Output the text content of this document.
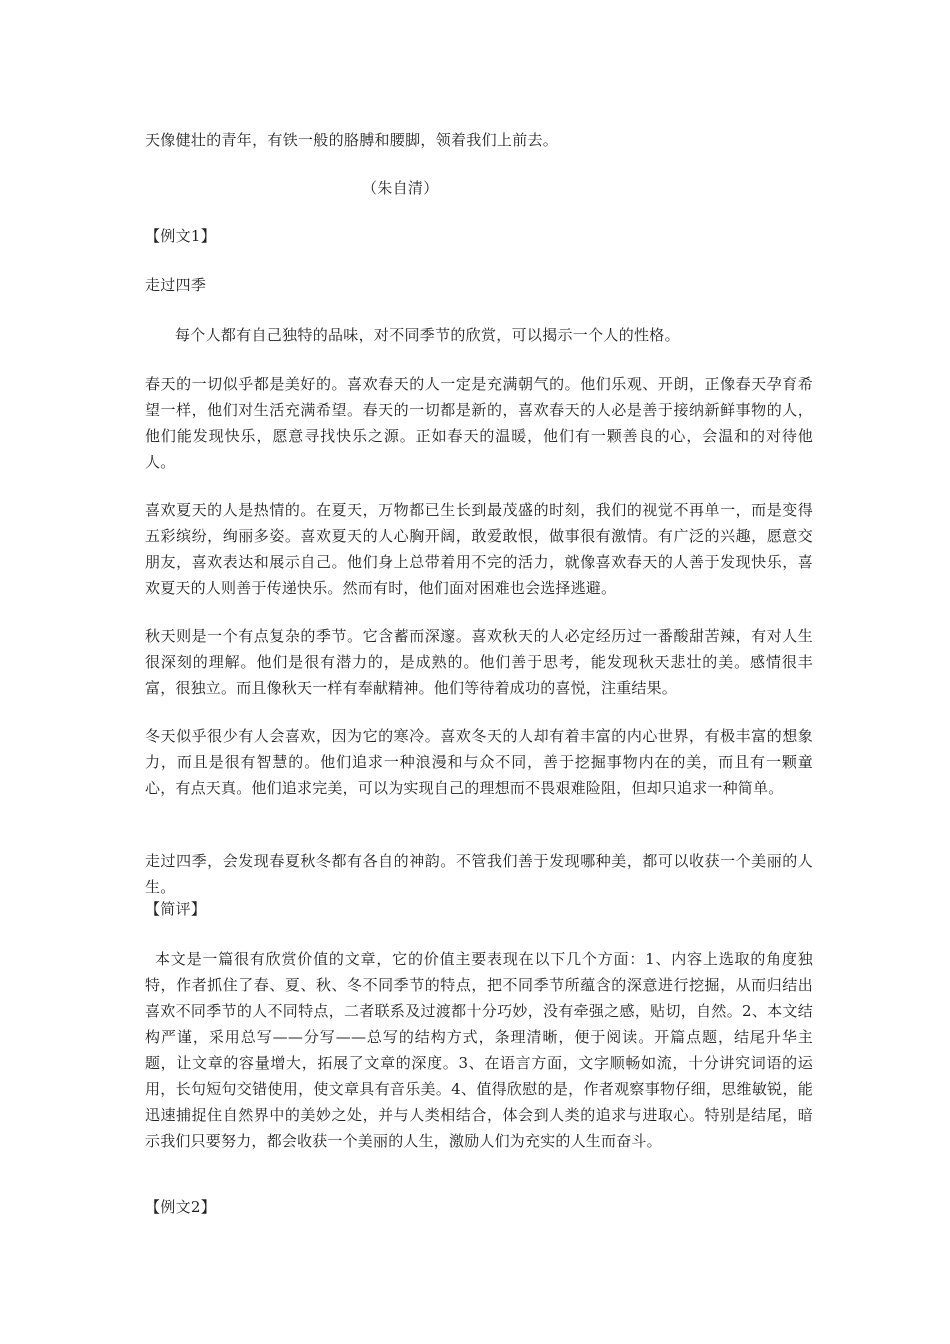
天像健壮的青年，有铁一般的胳膊和腰脚，领着我们上前去。
（朱自清）
【例文1】
走过四季
每个人都有自己独特的品味，对不同季节的欣赏，可以揭示一个人的性格。
春天的一切似乎都是美好的。喜欢春天的人一定是充满朝气的。他们乐观、开朗，正像春天孕育希望一样，他们对生活充满希望。春天的一切都是新的，喜欢春天的人必是善于接纳新鲜事物的人，他们能发现快乐，愿意寻找快乐之源。正如春天的温暖，他们有一颗善良的心，会温和的对待他人。
喜欢夏天的人是热情的。在夏天，万物都已生长到最茂盛的时刻，我们的视觉不再单一，而是变得五彩缤纷，绚丽多姿。喜欢夏天的人心胸开阔，敢爱敢恨，做事很有激情。有广泛的兴趣，愿意交朋友，喜欢表达和展示自己。他们身上总带着用不完的活力，就像喜欢春天的人善于发现快乐，喜欢夏天的人则善于传递快乐。然而有时，他们面对困难也会选择逃避。
秋天则是一个有点复杂的季节。它含蓄而深邃。喜欢秋天的人必定经历过一番酸甜苦辣，有对人生很深刻的理解。他们是很有潜力的，是成熟的。他们善于思考，能发现秋天悲壮的美。感情很丰富，很独立。而且像秋天一样有奉献精神。他们等待着成功的喜悦，注重结果。
冬天似乎很少有人会喜欢，因为它的寒冷。喜欢冬天的人却有着丰富的内心世界，有极丰富的想象力，而且是很有智慧的。他们追求一种浪漫和与众不同，善于挖掘事物内在的美，而且有一颗童心，有点天真。他们追求完美，可以为实现自己的理想而不畏艰难险阻，但却只追求一种简单。
走过四季，会发现春夏秋冬都有各自的神韵。不管我们善于发现哪种美，都可以收获一个美丽的人生。
【简评】
本文是一篇很有欣赏价值的文章，它的价值主要表现在以下几个方面：1、内容上选取的角度独特，作者抓住了春、夏、秋、冬不同季节的特点，把不同季节所蕴含的深意进行挖掘，从而归结出喜欢不同季节的人不同特点，二者联系及过渡都十分巧妙，没有牵强之感，贴切，自然。2、本文结构严谨，采用总写——分写——总写的结构方式，条理清晰，便于阅读。开篇点题，结尾升华主题，让文章的容量增大，拓展了文章的深度。3、在语言方面，文字顺畅如流，十分讲究词语的运用，长句短句交错使用，使文章具有音乐美。4、值得欣慰的是，作者观察事物仔细，思维敏锐，能迅速捕捉住自然界中的美妙之处，并与人类相结合，体会到人类的追求与进取心。特别是结尾，暗示我们只要努力，都会收获一个美丽的人生，激励人们为充实的人生而奋斗。
【例文2】
